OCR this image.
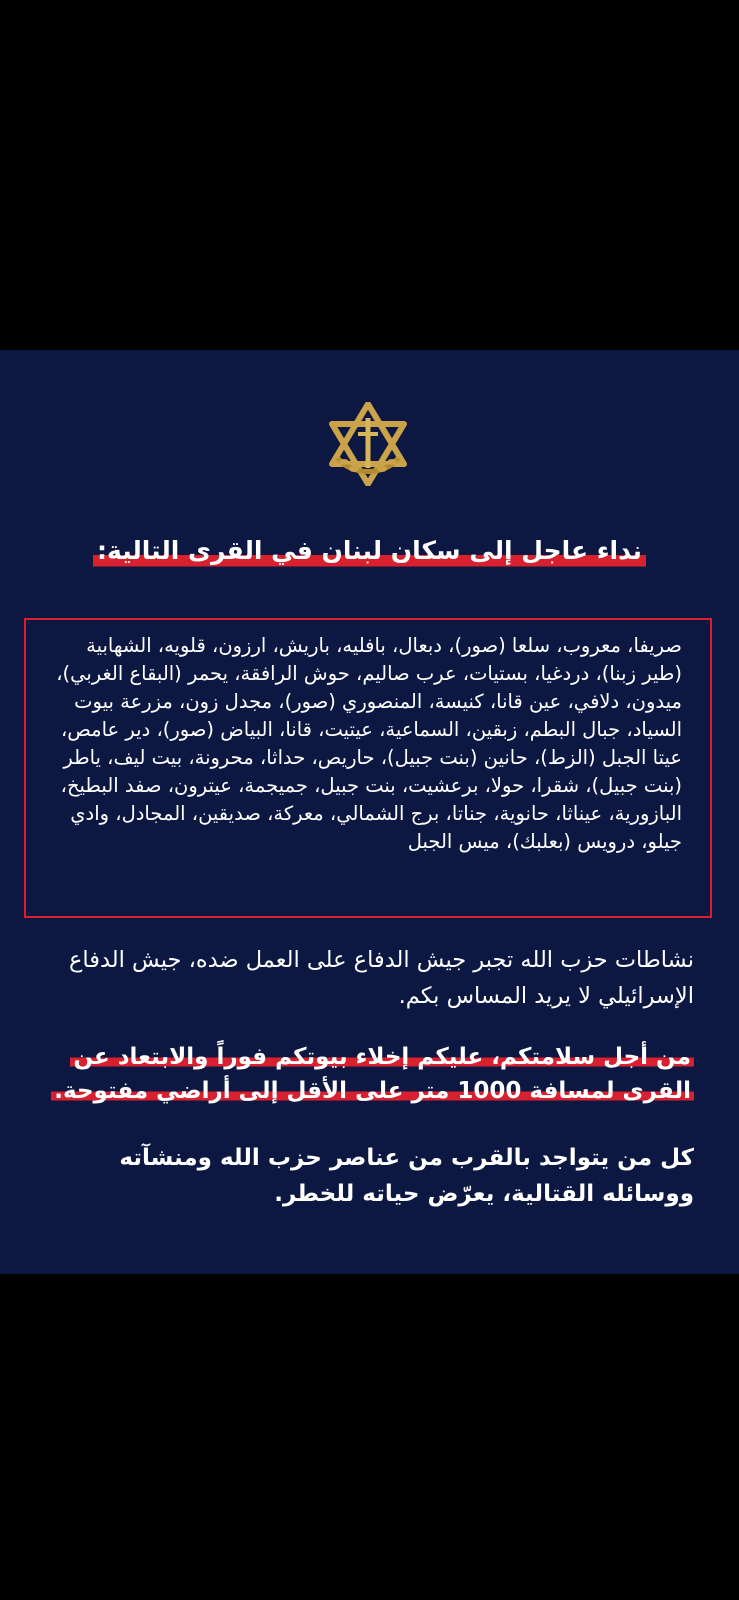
نداء عاجل إلى سكان لبنان في القرى التالية:
صريفا، معروب، سلعا (صور)، دبعال، بافليه، باريش، ارزون، قلويه، الشهابية (طير زبنا)، دردغيا، بستيات، عرب صاليم، حوش الرافقة، يحمر (البقاع الغربي)، ميدون، دلافي، عين قانا، كنيسة، المنصوري (صور)، مجدل زون، مزرعة بيوت السياد، جبال البطم، زبقين، السماعية، عيتيت، قانا، البياض (صور)، دير عامص، عيتا الجبل (الزط)، حانين (بنت جبيل)، حاريص، حداثا، محرونة، بيت ليف، ياطر (بنت جبيل)، شقرا، حولا، برعشيت، بنت جبيل، جميجمة، عيترون، صفد البطيخ، البازورية، عيناثا، حانوية، جناتا، برج الشمالي، معركة، صديقين، المجادل، وادي جيلو، درويس (بعلبك)، ميس الجبل
نشاطات حزب الله تجبر جيش الدفاع على العمل ضده، جيش الدفاع الإسرائيلي لا يريد المساس بكم.
من أجل سلامتكم، عليكم إخلاء بيوتكم فوراً والابتعاد عن القرى لمسافة 1000 متر على الأقل إلى أراضي مفتوحة.
كل من يتواجد بالقرب من عناصر حزب الله ومنشآته ووسائله القتالية، يعرّض حياته للخطر.
